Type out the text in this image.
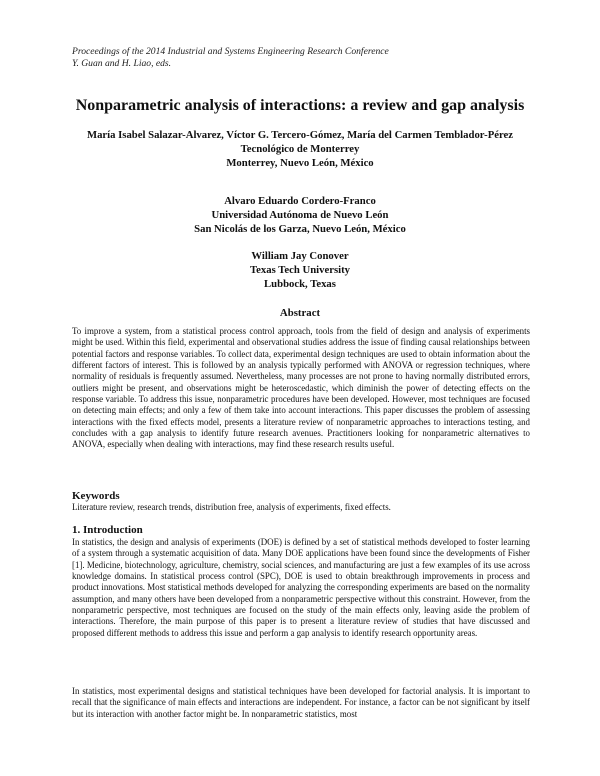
Proceedings of the 2014 Industrial and Systems Engineering Research Conference
Y. Guan and H. Liao, eds.
Nonparametric analysis of interactions: a review and gap analysis
María Isabel Salazar-Alvarez, Víctor G. Tercero-Gómez, María del Carmen Temblador-Pérez
Tecnológico de Monterrey
Monterrey, Nuevo León, México
Alvaro Eduardo Cordero-Franco
Universidad Autónoma de Nuevo León
San Nicolás de los Garza, Nuevo León, México
William Jay Conover
Texas Tech University
Lubbock, Texas
Abstract
To improve a system, from a statistical process control approach, tools from the field of design and analysis of experiments might be used. Within this field, experimental and observational studies address the issue of finding causal relationships between potential factors and response variables. To collect data, experimental design techniques are used to obtain information about the different factors of interest. This is followed by an analysis typically performed with ANOVA or regression techniques, where normality of residuals is frequently assumed. Nevertheless, many processes are not prone to having normally distributed errors, outliers might be present, and observations might be heteroscedastic, which diminish the power of detecting effects on the response variable. To address this issue, nonparametric procedures have been developed. However, most techniques are focused on detecting main effects; and only a few of them take into account interactions. This paper discusses the problem of assessing interactions with the fixed effects model, presents a literature review of nonparametric approaches to interactions testing, and concludes with a gap analysis to identify future research avenues. Practitioners looking for nonparametric alternatives to ANOVA, especially when dealing with interactions, may find these research results useful.
Keywords
Literature review, research trends, distribution free, analysis of experiments, fixed effects.
1. Introduction
In statistics, the design and analysis of experiments (DOE) is defined by a set of statistical methods developed to foster learning of a system through a systematic acquisition of data. Many DOE applications have been found since the developments of Fisher [1]. Medicine, biotechnology, agriculture, chemistry, social sciences, and manufacturing are just a few examples of its use across knowledge domains. In statistical process control (SPC), DOE is used to obtain breakthrough improvements in process and product innovations. Most statistical methods developed for analyzing the corresponding experiments are based on the normality assumption, and many others have been developed from a nonparametric perspective without this constraint. However, from the nonparametric perspective, most techniques are focused on the study of the main effects only, leaving aside the problem of interactions. Therefore, the main purpose of this paper is to present a literature review of studies that have discussed and proposed different methods to address this issue and perform a gap analysis to identify research opportunity areas.
In statistics, most experimental designs and statistical techniques have been developed for factorial analysis. It is important to recall that the significance of main effects and interactions are independent. For instance, a factor can be not significant by itself but its interaction with another factor might be. In nonparametric statistics, most
